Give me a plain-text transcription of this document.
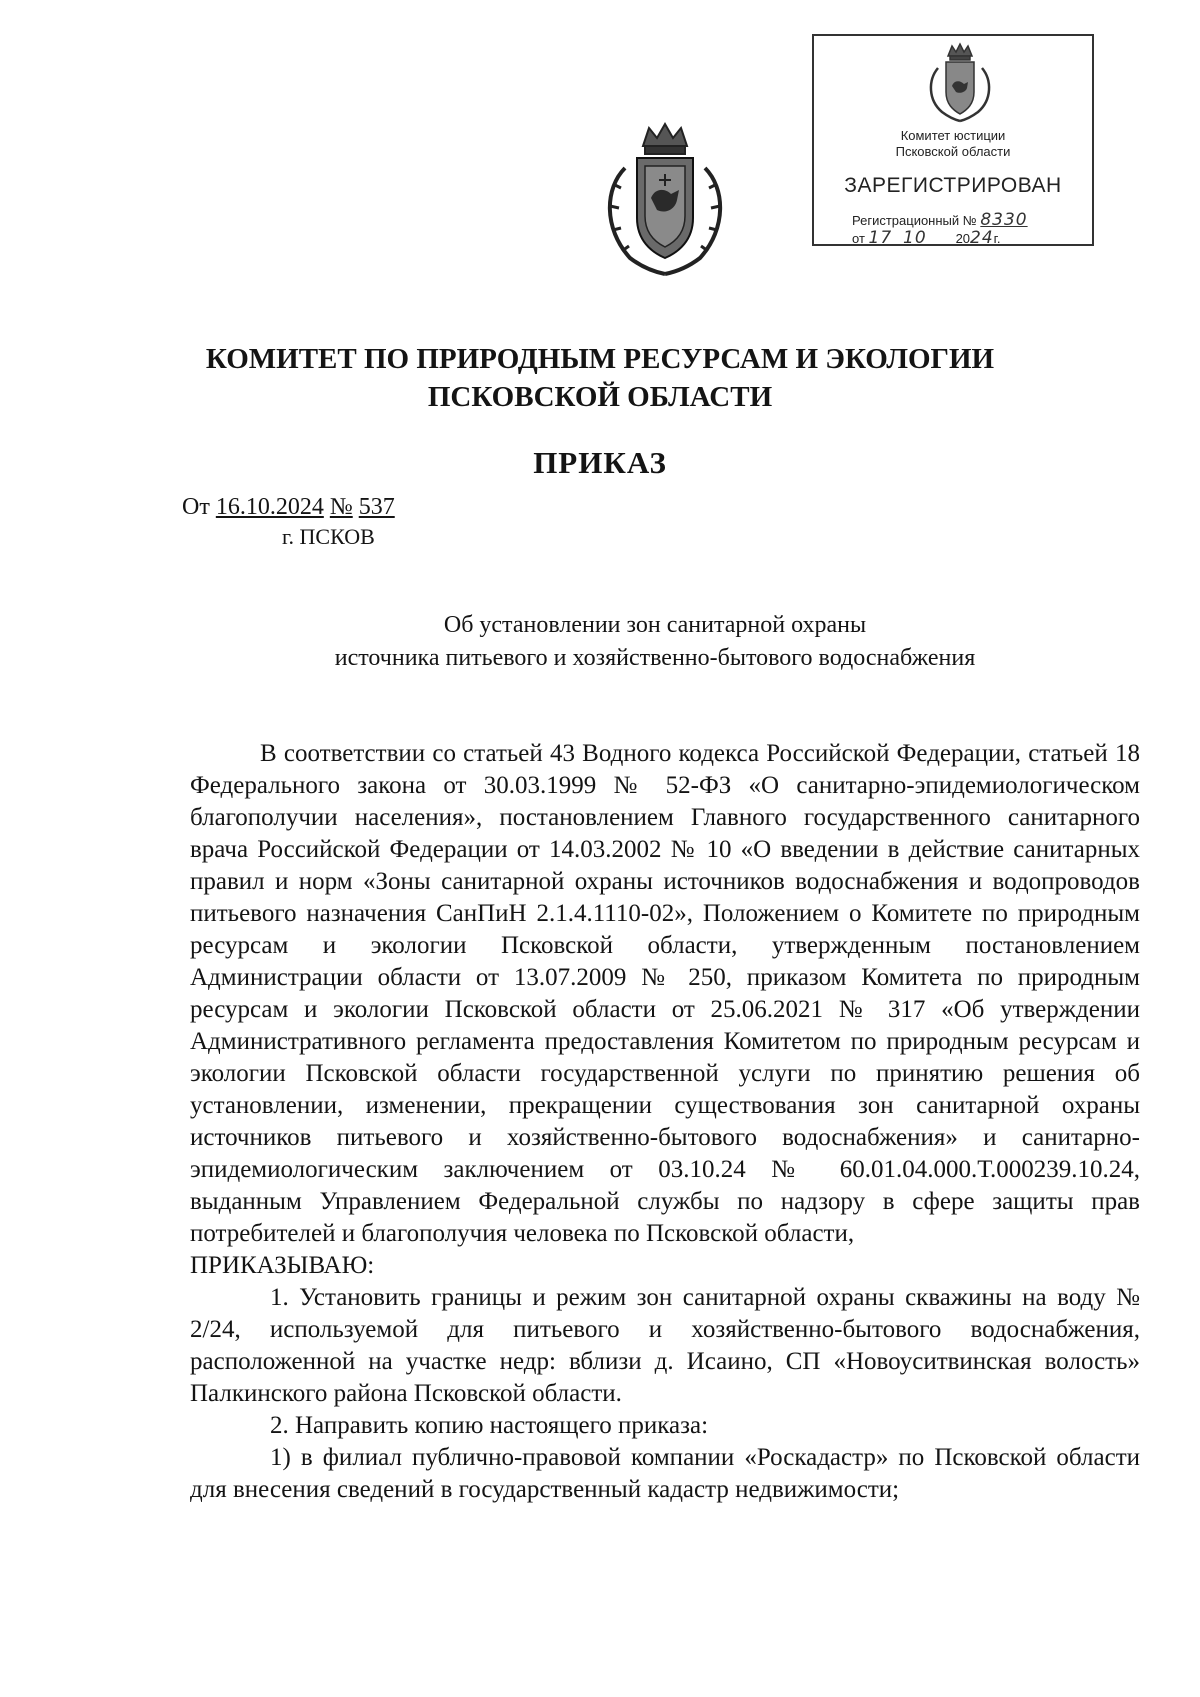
Комитет юстиции
Псковской области
ЗАРЕГИСТРИРОВАН
Регистрационный № 8330
от 17 10 2024г.
КОМИТЕТ ПО ПРИРОДНЫМ РЕСУРСАМ И ЭКОЛОГИИ
ПСКОВСКОЙ ОБЛАСТИ
ПРИКАЗ
От 16.10.2024 № 537
г. ПСКОВ
Об установлении зон санитарной охраны
источника питьевого и хозяйственно-бытового водоснабжения

В соответствии со статьей 43 Водного кодекса Российской Федерации, статьей 18 Федерального закона от 30.03.1999 № 52-ФЗ «О санитарно-эпидемиологическом благополучии населения», постановлением Главного государственного санитарного врача Российской Федерации от 14.03.2002 № 10 «О введении в действие санитарных правил и норм «Зоны санитарной охраны источников водоснабжения и водопроводов питьевого назначения СанПиН 2.1.4.1110-02», Положением о Комитете по природным ресурсам и экологии Псковской области, утвержденным постановлением Администрации области от 13.07.2009 № 250, приказом Комитета по природным ресурсам и экологии Псковской области от 25.06.2021 № 317 «Об утверждении Административного регламента предоставления Комитетом по природным ресурсам и экологии Псковской области государственной услуги по принятию решения об установлении, изменении, прекращении существования зон санитарной охраны источников питьевого и хозяйственно-бытового водоснабжения» и санитарно-эпидемиологическим заключением от 03.10.24 № 60.01.04.000.Т.000239.10.24, выданным Управлением Федеральной службы по надзору в сфере защиты прав потребителей и благополучия человека по Псковской области,

ПРИКАЗЫВАЮ:

1. Установить границы и режим зон санитарной охраны скважины на воду № 2/24, используемой для питьевого и хозяйственно-бытового водоснабжения, расположенной на участке недр: вблизи д. Исаино, СП «Новоуситвинская волость» Палкинского района Псковской области.

2. Направить копию настоящего приказа:

1) в филиал публично-правовой компании «Роскадастр» по Псковской области для внесения сведений в государственный кадастр недвижимости;
